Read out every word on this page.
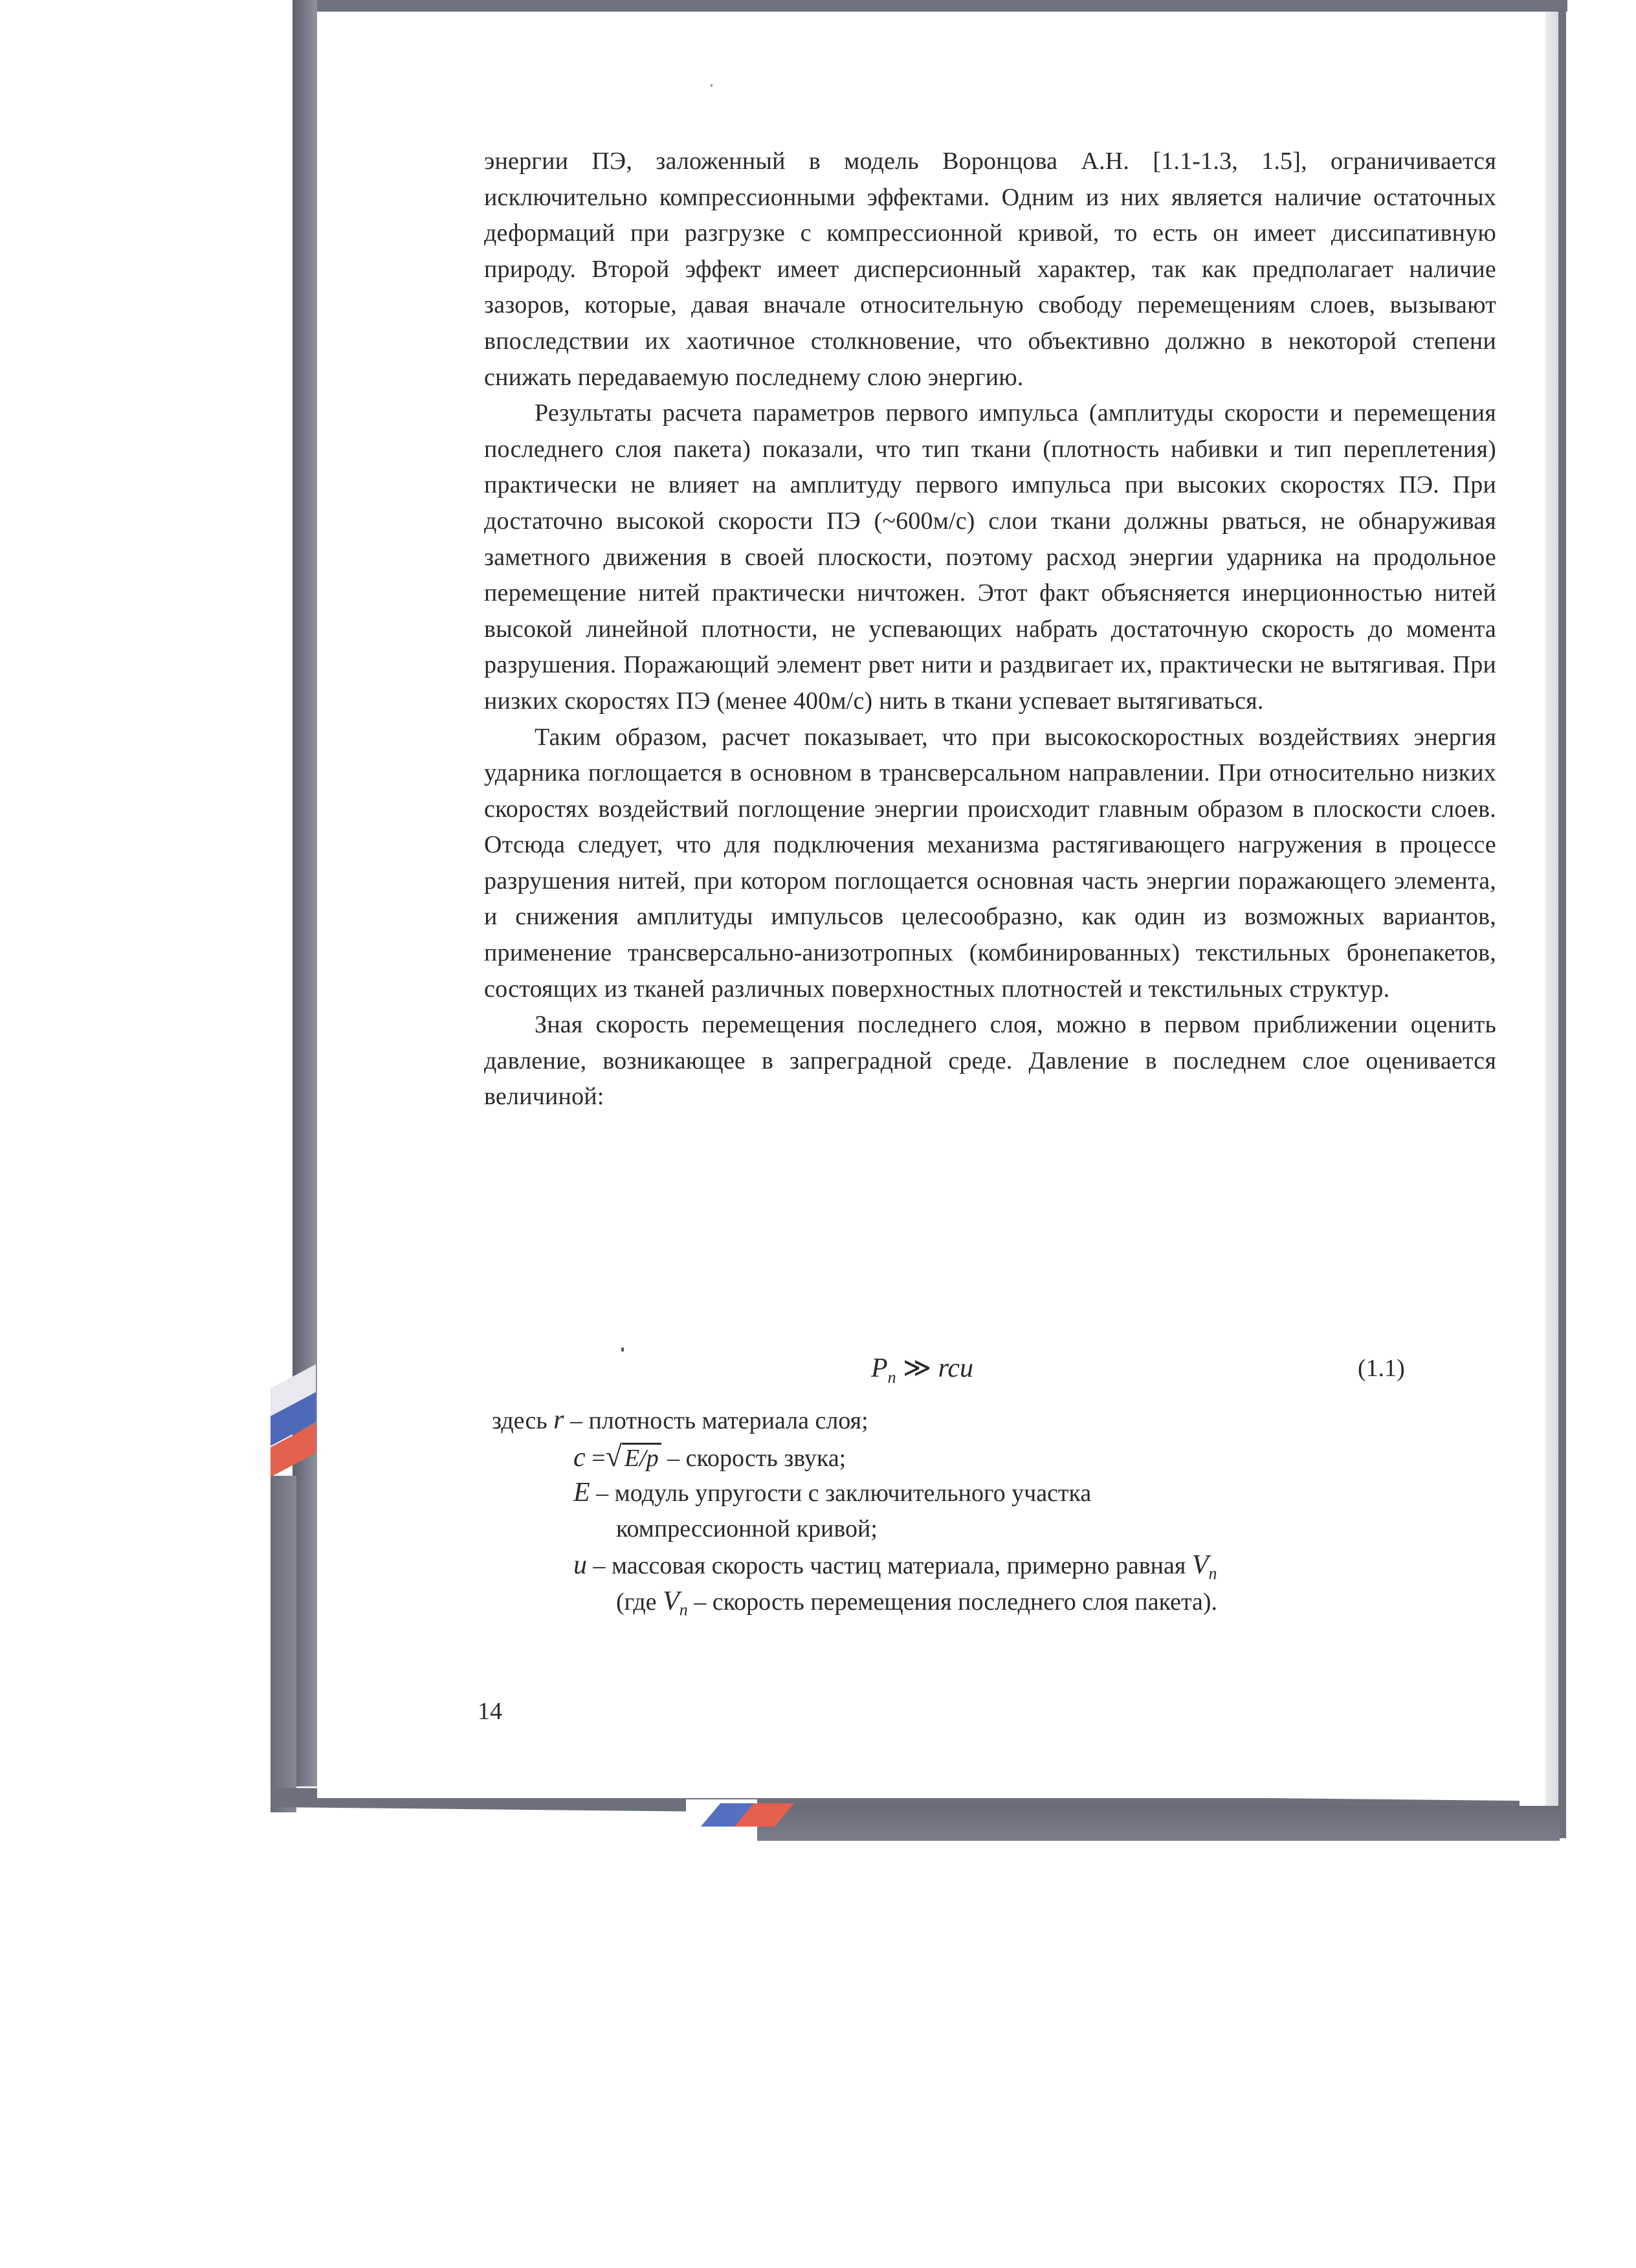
энергии ПЭ, заложенный в модель Воронцова А.Н. [1.1-1.3, 1.5], ограничивается исключительно компрессионными эффектами. Одним из них является наличие остаточных деформаций при разгрузке с компрессионной кривой, то есть он имеет диссипативную природу. Второй эффект имеет дисперсионный характер, так как предполагает наличие зазоров, которые, давая вначале относительную свободу перемещениям слоев, вызывают впоследствии их хаотичное столкновение, что объективно должно в некоторой степени снижать передаваемую последнему слою энергию.

Результаты расчета параметров первого импульса (амплитуды скорости и перемещения последнего слоя пакета) показали, что тип ткани (плотность набивки и тип переплетения) практически не влияет на амплитуду первого импульса при высоких скоростях ПЭ. При достаточно высокой скорости ПЭ (~600м/с) слои ткани должны рваться, не обнаруживая заметного движения в своей плоскости, поэтому расход энергии ударника на продольное перемещение нитей практически ничтожен. Этот факт объясняется инерционностью нитей высокой линейной плотности, не успевающих набрать достаточную скорость до момента разрушения. Поражающий элемент рвет нити и раздвигает их, практически не вытягивая. При низких скоростях ПЭ (менее 400м/с) нить в ткани успевает вытягиваться.

Таким образом, расчет показывает, что при высокоскоростных воздействиях энергия ударника поглощается в основном в трансверсальном направлении. При относительно низких скоростях воздействий поглощение энергии происходит главным образом в плоскости слоев. Отсюда следует, что для подключения механизма растягивающего нагружения в процессе разрушения нитей, при котором поглощается основная часть энергии поражающего элемента, и снижения амплитуды импульсов целесообразно, как один из возможных вариантов, применение трансверсально-анизотропных (комбинированных) текстильных бронепакетов, состоящих из тканей различных поверхностных плотностей и текстильных структур.

Зная скорость перемещения последнего слоя, можно в первом приближении оценить давление, возникающее в запреградной среде. Давление в последнем слое оценивается величиной:

$P_n$ ≫ rcu	(1.1)
здесь r – плотность материала слоя;
c =√ E/p – скорость звука;
E – модуль упругости с заключительного участка
компрессионной кривой;
u – массовая скорость частиц материала, примерно равная $V_n$
(где $V_n$ – скорость перемещения последнего слоя пакета).
14
